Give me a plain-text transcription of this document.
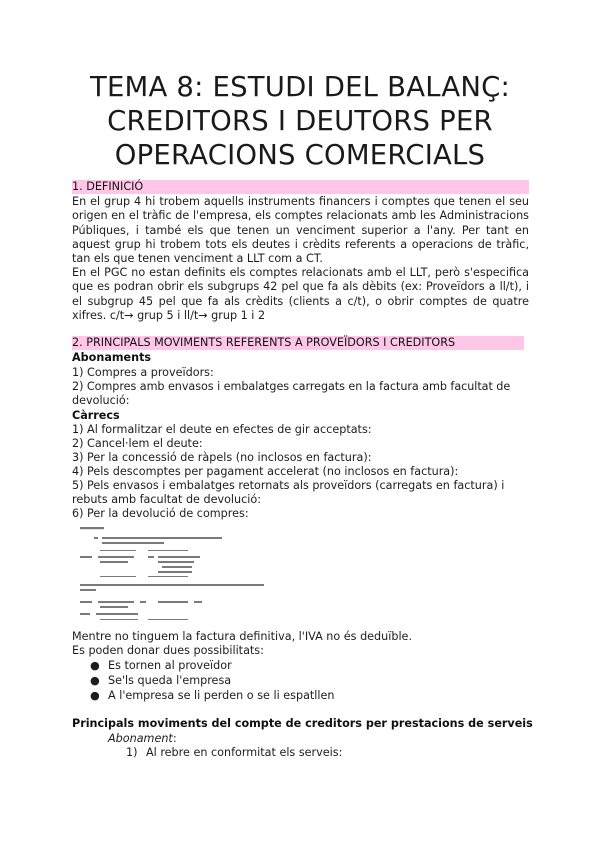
TEMA 8: ESTUDI DEL BALANÇ:
CREDITORS I DEUTORS PER
OPERACIONS COMERCIALS
1. DEFINICIÓ
En el grup 4 hi trobem aquells instruments financers i comptes que tenen el seu origen en el tràfic de l'empresa, els comptes relacionats amb les Administracions Públiques, i també els que tenen un venciment superior a l'any. Per tant en aquest grup hi trobem tots els deutes i crèdits referents a operacions de tràfic, tan els que tenen venciment a LLT com a CT.
En el PGC no estan definits els comptes relacionats amb el LLT, però s'especifica que es podran obrir els subgrups 42 pel que fa als dèbits (ex: Proveïdors a ll/t), i el subgrup 45 pel que fa als crèdits (clients a c/t), o obrir comptes de quatre xifres. c/t→ grup 5 i ll/t→ grup 1 i 2
2. PRINCIPALS MOVIMENTS REFERENTS A PROVEÏDORS I CREDITORS
Abonaments
1) Compres a proveïdors:
2) Compres amb envasos i embalatges carregats en la factura amb facultat de
devolució:
Càrrecs
1) Al formalitzar el deute en efectes de gir acceptats:
2) Cancel·lem el deute:
3) Per la concessió de ràpels (no inclosos en factura):
4) Pels descomptes per pagament accelerat (no inclosos en factura):
5) Pels envasos i embalatges retornats als proveïdors (carregats en factura) i
rebuts amb facultat de devolució:
6) Per la devolució de compres:
Mentre no tinguem la factura definitiva, l'IVA no és deduïble.
Es poden donar dues possibilitats:
● Es tornen al proveïdor
● Se'ls queda l'empresa
● A l'empresa se li perden o se li espatllen
Principals moviments del compte de creditors per prestacions de serveis
Abonament:
1) Al rebre en conformitat els serveis:
